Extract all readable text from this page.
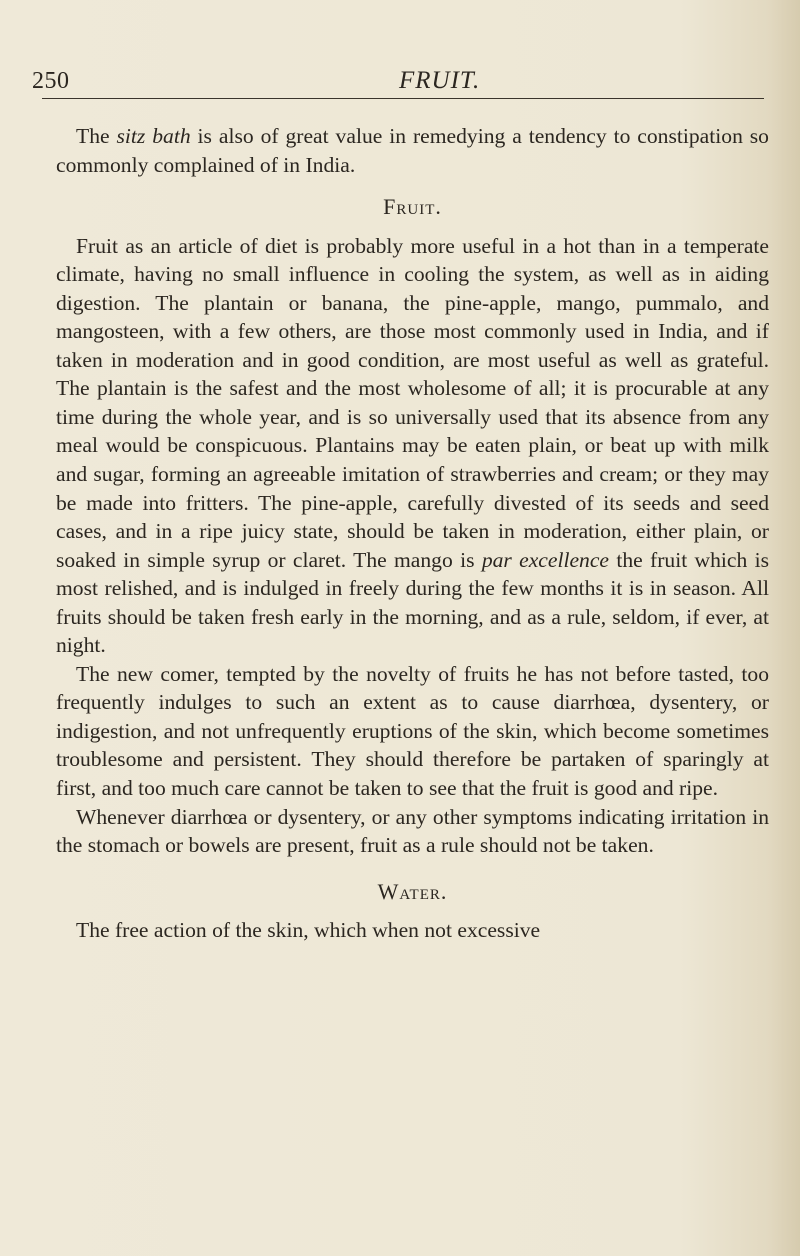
250	FRUIT.

The sitz bath is also of great value in remedying a tendency to constipation so commonly complained of in India.

Fruit.

Fruit as an article of diet is probably more useful in a hot than in a temperate climate, having no small influence in cooling the system, as well as in aiding digestion. The plantain or banana, the pine-apple, mango, pummalo, and mangosteen, with a few others, are those most commonly used in India, and if taken in moderation and in good condition, are most useful as well as grateful. The plantain is the safest and the most wholesome of all; it is procurable at any time during the whole year, and is so universally used that its absence from any meal would be conspicuous. Plantains may be eaten plain, or beat up with milk and sugar, forming an agreeable imitation of strawberries and cream; or they may be made into fritters. The pine-apple, carefully divested of its seeds and seed cases, and in a ripe juicy state, should be taken in moderation, either plain, or soaked in simple syrup or claret. The mango is par excellence the fruit which is most relished, and is indulged in freely during the few months it is in season. All fruits should be taken fresh early in the morning, and as a rule, seldom, if ever, at night.

The new comer, tempted by the novelty of fruits he has not before tasted, too frequently indulges to such an extent as to cause diarrhœa, dysentery, or indigestion, and not unfrequently eruptions of the skin, which become sometimes troublesome and persistent. They should therefore be partaken of sparingly at first, and too much care cannot be taken to see that the fruit is good and ripe.

Whenever diarrhœa or dysentery, or any other symptoms indicating irritation in the stomach or bowels are present, fruit as a rule should not be taken.

Water.

The free action of the skin, which when not excessive
